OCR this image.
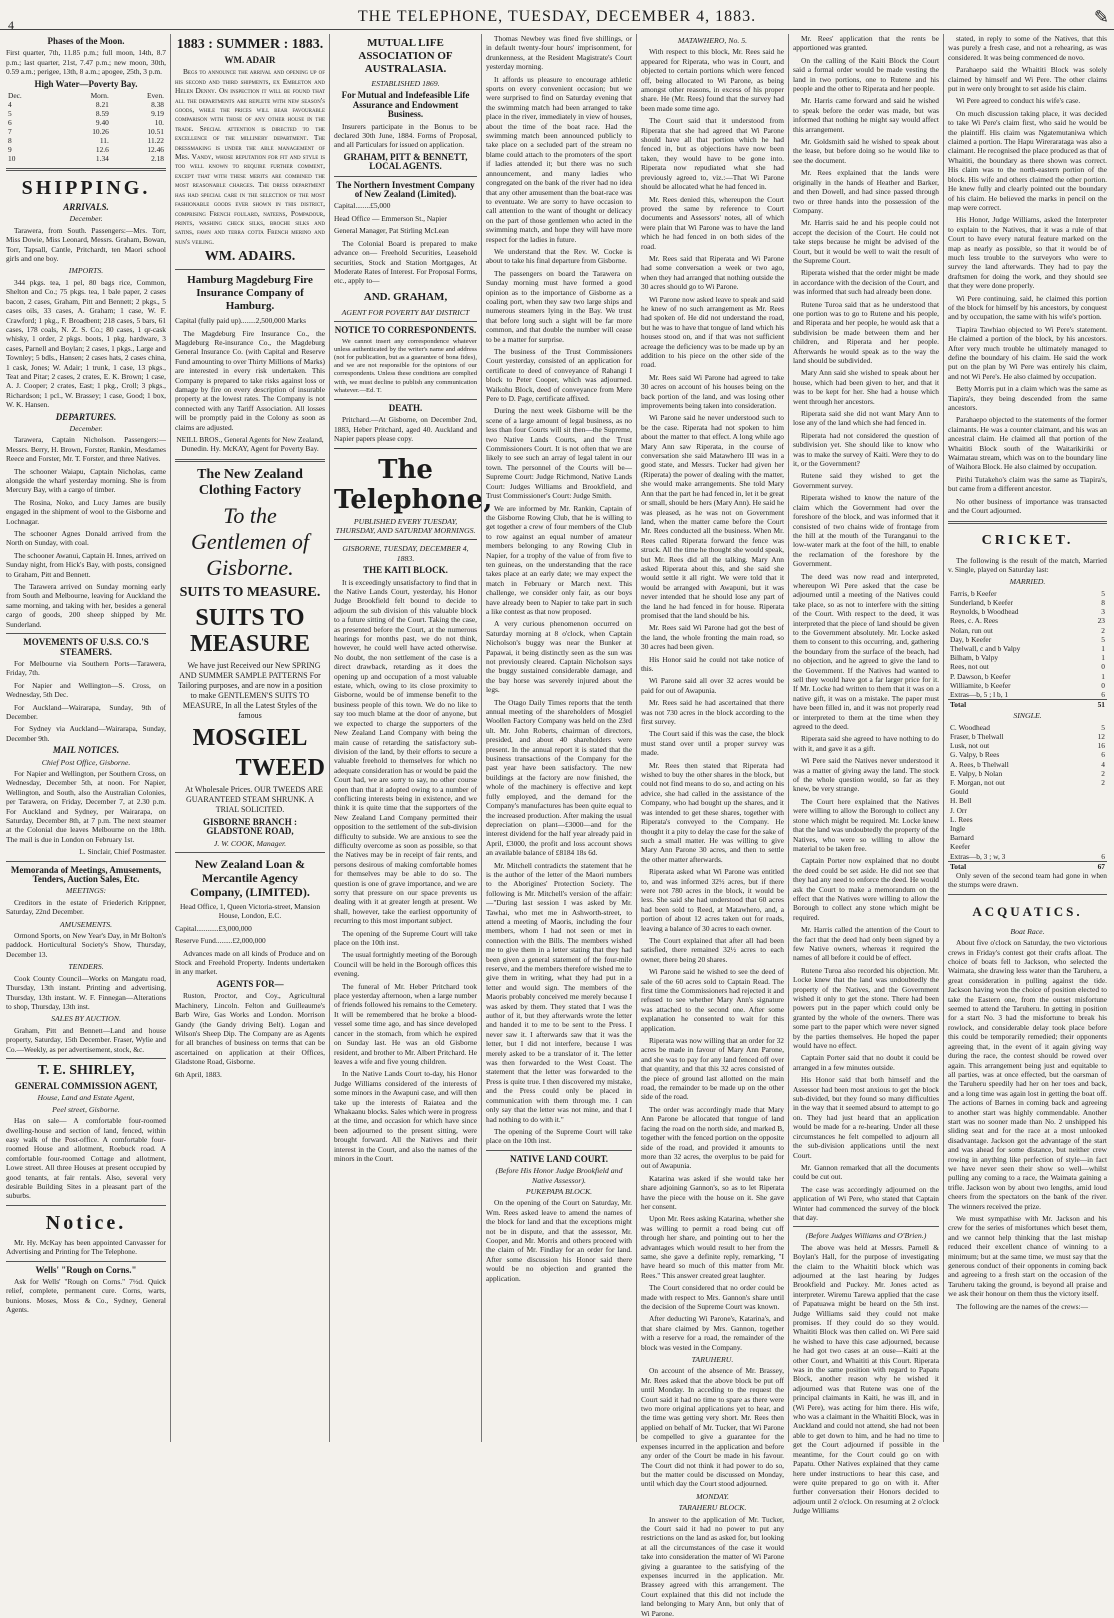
4	THE TELEPHONE, TUESDAY, DECEMBER 4, 1883.	✎
Phases of the Moon.

First quarter, 7th, 11.85 p.m.; full moon, 14th, 8.7 p.m.; last quarter, 21st, 7.47 p.m.; new moon, 30th, 0.59 a.m.; perigee, 13th, 8 a.m.; apogee, 25th, 3 p.m.

High Water—Poverty Bay.
Dec.	Morn.	Even.
4	8.21	8.38
5	8.59	9.19
6	9.40	10.
7	10.26	10.51
8	11.	11.22
9	12.6	12.46
10	1.34	2.18
SHIPPING.
ARRIVALS.
December.

Tarawera, from South. Passengers:—Mrs. Torr, Miss Dowie, Miss Leonard, Messrs. Graham, Bowan, Torr, Tapsall, Cantle, Pritchardt, ten Maori school girls and one boy.

IMPORTS.

344 pkgs. tea, 1 pel, 80 bags rice, Common, Shelton and Co.; 75 pkgs. tea, 1 bale paper, 2 cases bacon, 2 cases, Graham, Pitt and Bennett; 2 pkgs., 5 cases oils, 33 cases, A. Graham; 1 case, W. F. Crawford; 1 pkg., F. Broadbent; 218 cases, 5 bars, 61 cases, 178 coals, N. Z. S. Co.; 80 cases, 1 qr-cask whisky, 1 order, 2 pkgs. boots, 1 pkg. hardware, 3 cases, Parnell and Boylan; 2 cases, 1 pkgs., Large and Townley; 5 bdls., Hansen; 2 cases hats, 2 cases china, 1 cask, Jones; W. Adair; 1 trunk, 1 case, 13 pkgs., Teat and Pitar; 2 cases, 2 crates, E. K. Brown; 1 case, A. J. Cooper; 2 crates, East; 1 pkg., Croll; 3 pkgs., Richardson; 1 pcl., W. Brassey; 1 case, Good; 1 box, W. K. Hansen.

DEPARTURES.
December.

Tarawera, Captain Nicholson. Passengers:—Messrs. Berry, H. Brown, Forster, Rankin, Mesdames Reece and Forster, Mr. T. Forster, and three Natives.

The schooner Waiapu, Captain Nicholas, came alongside the wharf yesterday morning. She is from Mercury Bay, with a cargo of timber.

The Rosina, Noko, and Lucy James are busily engaged in the shipment of wool to the Gisborne and Lochnagar.

The schooner Agnes Donald arrived from the North on Sunday, with coal.

The schooner Awanui, Captain H. Innes, arrived on Sunday night, from Hick's Bay, with posts, consigned to Graham, Pitt and Bennett.

The Tarawera arrived on Sunday morning early from South and Melbourne, leaving for Auckland the same morning, and taking with her, besides a general cargo of goods, 200 sheep shipped by Mr. Sunderland.

MOVEMENTS OF U.S.S. CO.'S STEAMERS.

For Melbourne via Southern Ports—Tarawera, Friday, 7th.

For Napier and Wellington—S. Cross, on Wednesday, 5th Dec.

For Auckland—Wairarapa, Sunday, 9th of December.

For Sydney via Auckland—Wairarapa, Sunday, December 9th.

MAIL NOTICES.
Chief Post Office, Gisborne.

For Napier and Wellington, per Southern Cross, on Wednesday, December 5th, at noon. For Napier, Wellington, and South, also the Australian Colonies, per Tarawera, on Friday, December 7, at 2.30 p.m. For Auckland and Sydney, per Wairarapa, on Saturday, December 8th, at 7 p.m. The next steamer at the Colonial due leaves Melbourne on the 18th. The mail is due in London on February 1st.

L. Sinclair, Chief Postmaster.

Memoranda of Meetings, Amusements, Tenders, Auction Sales, Etc.
MEETINGS:

Creditors in the estate of Friederich Krippner, Saturday, 22nd December.

AMUSEMENTS.

Ormond Sports, on New Year's Day, in Mr Bolton's paddock. Horticultural Society's Show, Thursday, December 13.

TENDERS.

Cook County Council—Works on Mangatu road, Thursday, 13th instant. Printing and advertising, Thursday, 13th instant. W. F. Finnegan—Alterations to shop, Thursday, 13th inst.

SALES BY AUCTION.

Graham, Pitt and Bennett—Land and house property, Saturday, 15th December. Fraser, Wylie and Co.—Weekly, as per advertisement, stock, &c.

T. E. SHIRLEY,
GENERAL COMMISSION AGENT,
House, Land and Estate Agent,
Peel street, Gisborne.

Has on sale— A comfortable four-roomed dwelling-house and section of land, fenced, within easy walk of the Post-office. A comfortable four-roomed House and allotment, Roebuck road. A comfortable four-roomed Cottage and allotment, Lowe street. All three Houses at present occupied by good tenants, at fair rentals. Also, several very desirable Building Sites in a pleasant part of the suburbs.

Notice.

Mr. Hy. McKay has been appointed Canvasser for Advertising and Printing for The Telephone.

Wells' "Rough on Corns."

Ask for Wells' "Rough on Corns." 7½d. Quick relief, complete, permanent cure. Corns, warts, bunions. Moses, Moss & Co., Sydney, General Agents.

1883 : SUMMER : 1883.
WM. ADAIR

Begs to announce the arrival and opening up of his second and third shipments, ex Embleton and Helen Denny. On inspection it will be found that all the departments are replete with new season's goods, while the prices will bear favourable comparison with those of any other house in the trade. Special attention is directed to the excellence of the millinery department. The dressmaking is under the able management of Mrs. Vandy, whose reputation for fit and style is too well known to require further comment, except that with these merits are combined the most reasonable charges. The dress department has had special care in the selection of the most fashionable goods ever shown in this district, comprising French foulard, nateens, Pompadour, prints, washing check silks, broche silks and satins, fawn and terra cotta French merino and nun's veiling.

WM. ADAIRS.
Hamburg Magdeburg Fire Insurance Company of Hamburg.

Capital (fully paid up)........2,500,000 Marks

The Magdeburg Fire Insurance Co., the Magdeburg Re-insurance Co., the Magdeburg General Insurance Co. (with Capital and Reserve Fund amounting to over Thirty Millions of Marks) are interested in every risk undertaken. This Company is prepared to take risks against loss or damage by fire on every description of insurable property at the lowest rates. The Company is not connected with any Tariff Association. All losses will be promptly paid in the Colony as soon as claims are adjusted.

NEILL BROS., General Agents for New Zealand, Dunedin. Hy. McKAY, Agent for Poverty Bay.

The New Zealand Clothing Factory
To the Gentlemen of Gisborne.
SUITS TO MEASURE.
SUITS TO MEASURE

We have just Received our New SPRING AND SUMMER SAMPLE PATTERNS For Tailoring purposes, and are now in a position to make GENTLEMEN'S SUITS TO MEASURE, In all the Latest Styles of the famous

MOSGIEL
TWEED

At Wholesale Prices. OUR TWEEDS ARE GUARANTEED STEAM SHRUNK. A TRIAL SOLICITED.

GISBORNE BRANCH : GLADSTONE ROAD,
J. W. COOK, Manager.
New Zealand Loan & Mercantile Agency Company, (LIMITED).

Head Office, 1, Queen Victoria-street, Mansion House, London, E.C.

Capital............£3,000,000

Reserve Fund.........£2,000,000

Advances made on all kinds of Produce and on Stock and Freehold Property. Indents undertaken in any market.

AGENTS FOR—

Ruston, Proctor, and Coy., Agricultural Machinery, Lincoln. Felton and Guilleaume's Barb Wire, Gas Works and London. Morrison Gandy (the Gandy driving Belt). Logan and Wilson's Sheep Dip. The Company are as Agents for all branches of business on terms that can be ascertained on application at their Offices, Gladstone Road, Gisborne.

6th April, 1883.

MUTUAL LIFE ASSOCIATION OF AUSTRALASIA.
ESTABLISHED 1869.
For Mutual and Indefeasible Life Assurance and Endowment Business.

Insurers participate in the Bonus to be declared 30th June, 1884. Forms of Proposal, and all Particulars for issued on application.

GRAHAM, PITT & BENNETT, LOCAL AGENTS.
The Northern Investment Company of New Zealand (Limited).

Capital........£5,000

Head Office — Emmerson St., Napier

General Manager, Pat Stirling McLean

The Colonial Board is prepared to make advance on— Freehold Securities, Leasehold securities, Stock and Station Mortgages, At Moderate Rates of Interest. For Proposal Forms, etc., apply to—

AND. GRAHAM,
AGENT FOR POVERTY BAY DISTRICT
NOTICE TO CORRESPONDENTS.

We cannot insert any correspondence whatever unless authenticated by the writer's name and address (not for publication, but as a guarantee of bona fides), and we are not responsible for the opinions of our correspondents. Unless these conditions are complied with, we must decline to publish any communication whatever.—Ed. T.

DEATH.

Pritchard.—At Gisborne, on December 2nd, 1883, Heber Pritchard, aged 40. Auckland and Napier papers please copy.

The Telephone,
PUBLISHED EVERY TUESDAY, THURSDAY, AND SATURDAY MORNINGS.
GISBORNE, TUESDAY, DECEMBER 4, 1883.
THE KAITI BLOCK.

It is exceedingly unsatisfactory to find that in the Native Lands Court, yesterday, his Honor Judge Brookfield felt bound to decide to adjourn the sub division of this valuable block to a future sitting of the Court. Taking the case, as presented before the Court, at the numerous hearings for months past, we do not think, however, he could well have acted otherwise. No doubt, the non settlement of the case is a direct drawback, retarding as it does the opening up and occupation of a most valuable estate, which, owing to its close proximity to Gisborne, would be of immense benefit to the business people of this town. We do no like to say too much blame at the door of anyone, but we expected to charge the supporters of the New Zealand Land Company with being the main cause of retarding the satisfactory sub-division of the land, by their efforts to secure a valuable freehold to themselves for which no adequate consideration has or would be paid the Court had, we are sorry to say, no other course open than that it adopted owing to a number of conflicting interests being in existence, and we think it is quite time that the supporters of the New Zealand Land Company permitted their opposition to the settlement of the sub-division difficulty to subside. We are anxious to see the difficulty overcome as soon as possible, so that the Natives may be in receipt of fair rents, and persons desirous of making comfortable homes for themselves may be able to do so. The question is one of grave importance, and we are sorry that pressure on our space prevents us dealing with it at greater length at present. We shall, however, take the earliest opportunity of recurring to this most important subject.

The opening of the Supreme Court will take place on the 10th inst.

The usual fortnightly meeting of the Borough Council will be held in the Borough offices this evening.

The funeral of Mr. Heber Pritchard took place yesterday afternoon, when a large number of friends followed his remains to the Cemetery. It will be remembered that he broke a blood-vessel some time ago, and has since developed cancer in the stomach, from which he expired on Sunday last. He was an old Gisborne resident, and brother to Mr. Albert Pritchard. He leaves a wife and five young children.

In the Native Lands Court to-day, his Honor Judge Williams considered of the interests of some minors in the Awapuni case, and will then take up the interests of Raiatea and the Whakaanu blocks. Sales which were in progress at the time, and occasion for which have since been adjourned to the present sitting, were brought forward. All the Natives and their interest in the Court, and also the names of the minors in the Court.

Thomas Newbey was fined five shillings, or in default twenty-four hours' imprisonment, for drunkenness, at the Resident Magistrate's Court yesterday morning.

It affords us pleasure to encourage athletic sports on every convenient occasion; but we were surprised to find on Saturday evening that the swimming match had been arranged to take place in the river, immediately in view of houses, about the time of the boat race. Had the swimming match been announced publicly to take place on a secluded part of the stream no blame could attach to the promoters of the sport if ladies attended it; but there was no such announcement, and many ladies who congregated on the bank of the river had no idea that any other amusement than the boat-race was to eventuate. We are sorry to have occasion to call attention to the want of thought or delicacy on the part of those gentlemen who acted in the swimming match, and hope they will have more respect for the ladies in future.

We understand that the Rev. W. Cocke is about to take his final departure from Gisborne.

The passengers on board the Tarawera on Sunday morning must have formed a good opinion as to the importance of Gisborne as a coaling port, when they saw two large ships and numerous steamers lying in the Bay. We trust that before long such a sight will be far more common, and that double the number will cease to be a matter for surprise.

The business of the Trust Commissioners Court yesterday, consisted of an application for certificate to deed of conveyance of Rahangi I block to Peter Cooper, which was adjourned. Waikohu Block, deed of conveyance from Mere Pere to D. Page, certificate affixed.

During the next week Gisborne will be the scene of a large amount of legal business, as no less than four Courts will sit then—the Supreme, two Native Lands Courts, and the Trust Commissioners Court. It is not often that we are likely to see such an array of legal talent in our town. The personnel of the Courts will be— Supreme Court: Judge Richmond, Native Lands Court: Judges Williams and Brookfield, and Trust Commissioner's Court: Judge Smith.

We are informed by Mr. Rankin, Captain of the Gisborne Rowing Club, that he is willing to get together a crew of four members of the Club to row against an equal number of amateur members belonging to any Rowing Club in Napier, for a trophy of the value of from five to ten guineas, on the understanding that the race takes place at an early date; we may expect the match in February or March next. This challenge, we consider only fair, as our boys have already been to Napier to take part in such a like contest as that now proposed.

A very curious phenomenon occurred on Saturday morning at 8 o'clock, when Captain Nicholson's buggy was near the Bunker at Papawai, it being distinctly seen as the sun was not previously cleared. Captain Nicholson says the buggy sustained considerable damage, and the bay horse was severely injured about the legs.

The Otago Daily Times reports that the tenth annual meeting of the shareholders of Mosgiel Woollen Factory Company was held on the 23rd ult. Mr. John Roberts, chairman of directors, presided, and about 40 shareholders were present. In the annual report it is stated that the business transactions of the Company for the past year have been satisfactory. The new buildings at the factory are now finished, the whole of the machinery is effective and kept fully employed, and the demand for the Company's manufactures has been quite equal to the increased production. After making the usual depreciation on plant—£3000—and for the interest dividend for the half year already paid in April, £3000, the profit and loss account shows an available balance of £8184 18s 6d.

Mr. Mitchell contradicts the statement that he is the author of the letter of the Maori numbers to the Aborigines' Protection Society. The following is Mr. Mitchell's version of the affair: —"During last session I was asked by Mr. Tawhai, who met me in Ashworth-street, to attend a meeting of Maoris, including the four members, whom I had not seen or met in connection with the Bills. The members wished me to give them in a letter stating that they had been given a general statement of the four-mile reserve, and the members therefore wished me to give them in writing, what they had put in a letter and would sign. The members of the Maoris probably conceived me merely because I was asked by them. They stated that I was the author of it, but they afterwards wrote the letter and handed it to me to be sent to the Press. I never saw it. I afterwards saw that it was the letter, but I did not interfere, because I was merely asked to be a translator of it. The letter was then forwarded to the West Coast. The statement that the letter was forwarded to the Press is quite true. I then discovered my mistake, and the Press could only be placed in communication with them through me. I can only say that the letter was not mine, and that I had nothing to do with it."

The opening of the Supreme Court will take place on the 10th inst.

NATIVE LAND COURT.
(Before His Honor Judge Brookfield and Native Assessor).
PUKEPAPA BLOCK.

On the opening of the Court on Saturday, Mr. Wm. Rees asked leave to amend the names of the block for land and that the exceptions might not be in dispute, and that the assessor, Mr. Cooper, and Mr. Morris and others proceed with the claim of Mr. Findlay for an order for land. After some discussion his Honor said there would be no objection and granted the application.

MATAWHERO, No. 5.

With respect to this block, Mr. Rees said he appeared for Riperata, who was in Court, and objected to certain portions which were fenced off, being allocated to Wi Parone, as being amongst other reasons, in excess of his proper share. He (Mr. Rees) found that the survey had been made some time ago.

The Court said that it understood from Riperata that she had agreed that Wi Parone should have all that portion which he had fenced in, but as objections have now been taken, they would have to be gone into. Riperata now repudiated what she had previously agreed to, viz.:—That Wi Parone should be allocated what he had fenced in.

Mr. Rees denied this, whereupon the Court proved the same by reference to Court documents and Assessors' notes, all of which were plain that Wi Parone was to have the land which he had fenced in on both sides of the road.

Mr. Rees said that Riperata and Wi Parone had some conversation a week or two ago, when they had arranged that nothing outside the 30 acres should go to Wi Parone.

Wi Parone now asked leave to speak and said he knew of no such arrangement as Mr. Rees had spoken of. He did not understand the road, but he was to have that tongue of land which his houses stood on, and if that was not sufficient acreage the deficiency was to be made up by an addition to his piece on the other side of the road.

Mr. Rees said Wi Parone had agreed to take 30 acres on account of his houses being on the back portion of the land, and was losing other improvements being taken into consideration.

Wi Parone said he never understood such to be the case. Riperata had not spoken to him about the matter to that effect. A long while ago Mary Ann saw Riperata, in the course of conversation she said Matawhero III was in a good state, and Messrs. Tucker had given her (Riperata) the power of dealing with the matter, she would make arrangements. She told Mary Ann that the part he had fenced in, let it be great or small, should be hers (Mary Ann). He said he was pleased, as he was not on Government land, when the matter came before the Court Mr. Rees conducted all the business. When Mr. Rees called Riperata forward the fence was struck. All the time he thought she would speak, but Mr. Rees did all the talking. Mary Ann asked Riperata about this, and she said she would settle it all right. We were told that it would be arranged with Awapuni, but it was never intended that he should lose any part of the land he had fenced in for house. Riperata promised that the land should be his.

Mr. Rees said Wi Parone had got the best of the land, the whole fronting the main road, so 30 acres had been given.

His Honor said he could not take notice of this.

Wi Parone said all over 32 acres would be paid for out of Awapunia.

Mr. Rees said he had ascertained that there was not 730 acres in the block according to the first survey.

The Court said if this was the case, the block must stand over until a proper survey was made.

Mr. Rees then stated that Riperata had wished to buy the other shares in the block, but could not find means to do so, and acting on his advice, she had called in the assistance of the Company, who had bought up the shares, and it was intended to get these shares, together with Riperata's conveyed to the Company. He thought it a pity to delay the case for the sake of such a small matter. He was willing to give Mary Ann Parone 30 acres, and then to settle the other matter afterwards.

Riperata asked what Wi Parone was entitled to, and was informed 32½ acres, but if there were not 780 acres in the block, it would be less. She said she had understood that 60 acres had been sold to Reed, at Matawhero, and, a portion of about 12 acres taken out for roads, leaving a balance of 30 acres to each owner.

The Court explained that after all had been satisfied, there remained 32½ acres to each owner, there being 20 shares.

Wi Parone said he wished to see the deed of sale of the 60 acres sold to Captain Read. The first time the Commissioners had rejected it and refused to see whether Mary Ann's signature was attached to the second one. After some explanation he consented to wait for this application.

Riperata was now willing that an order for 32 acres be made in favour of Mary Ann Parone, and she was to pay for any land fenced off over that quantity, and that this 32 acres consisted of the piece of ground last allotted on the main road, the remainder to be made up on the other side of the road.

The order was accordingly made that Mary Ann Parone be allocated that tongue of land facing the road on the north side, and marked B, together with the fenced portion on the opposite side of the road, and provided it amounts to more than 32 acres, the overplus to be paid for out of Awapunia.

Katarina was asked if she would take her share adjoining Gannon's, so as to let Riperata have the piece with the house on it. She gave her consent.

Upon Mr. Rees asking Katarina, whether she was willing to permit a road being cut off through her share, and pointing out to her the advantages which would result to her from the same, she gave a definite reply, remarking, "I have heard so much of this matter from Mr. Rees." This answer created great laughter.

The Court considered that no order could be made with respect to Mrs. Gannon's share until the decision of the Supreme Court was known.

After deducting Wi Parone's, Katarina's, and that share claimed by Mrs. Gannon, together with a reserve for a road, the remainder of the block was vested in the Company.

TARUHERU.

On account of the absence of Mr. Brassey, Mr. Rees asked that the above block be put off until Monday. In acceding to the request the Court said it had no time to spare as there were two more original applications yet to hear, and the time was getting very short. Mr. Rees then applied on behalf of Mr. Tucker, that Wi Parone be compelled to give a guarantee for the expenses incurred in the application and before any order of the Court be made in his favour. The Court did not think it had power to do so, but the matter could be discussed on Monday, until which day the Court stood adjourned.

MONDAY.
TARAHERU BLOCK.

In answer to the application of Mr. Tucker, the Court said it had no power to put any restrictions on the land as asked for, but looking at all the circumstances of the case it would take into consideration the matter of Wi Parone giving a guarantee to the satisfying of the expenses incurred in the application. Mr. Brassey agreed with this arrangement. The Court explained that this did not include the land belonging to Mary Ann, but only that of Wi Parone.

Mr. Rees' application that the rents be apportioned was granted.

On the calling of the Kaiti Block the Court said a formal order would be made vesting the land in two portions, one to Rutene and his people and the other to Riperata and her people.

Mr. Harris came forward and said he wished to speak before the order was made, but was informed that nothing he might say would affect this arrangement.

Mr. Goldsmith said he wished to speak about the lease, but before doing so he would like to see the document.

Mr. Rees explained that the lands were originally in the hands of Heather and Barker, and then Dowell, and had since passed through two or three hands into the possession of the Company.

Mr. Harris said he and his people could not accept the decision of the Court. He could not take steps because he might be advised of the Court, but it would be well to wait the result of the Supreme Court.

Riperata wished that the order might be made in accordance with the decision of the Court, and was informed that such had already been done.

Rutene Turoa said that as he understood that one portion was to go to Rutene and his people, and Riperata and her people, he would ask that a subdivision be made between them and her children, and Riperata and her people. Afterwards he would speak as to the way the land should be subdivided.

Mary Ann said she wished to speak about her house, which had been given to her, and that it was to be kept for her. She had a house which went through her ancestors.

Riperata said she did not want Mary Ann to lose any of the land which she had fenced in.

Riperata had not considered the question of subdivision yet. She should like to know who was to make the survey of Kaiti. Were they to do it, or the Government?

Rutene said they wished to get the Government survey.

Riperata wished to know the nature of the claim which the Government had over the foreshore of the block, and was informed that it consisted of two chains wide of frontage from the hill at the mouth of the Turanganui to the low-water mark at the foot of the hill, to enable the reclamation of the foreshore by the Government.

The deed was now read and interpreted, whereupon Wi Pere asked that the case be adjourned until a meeting of the Natives could take place, so as not to interfere with the sitting of the Court. With respect to the deed, it was interpreted that the piece of land should be given to the Government absolutely. Mr. Locke asked them to consent to this occurring, and, gathering the boundary from the surface of the beach, had no objection, and he agreed to give the land to the Government. If the Natives had wanted to sell they would have got a far larger price for it. If Mr. Locke had written to them that it was on a native gift, it was on a mistake. The paper must have been filled in, and it was not properly read or interpreted to them at the time when they agreed to the deed.

Riperata said she agreed to have nothing to do with it, and gave it as a gift.

Wi Pere said the Natives never understood it was a matter of giving away the land. The stock of the whole question would, so far as they knew, be very strange.

The Court here explained that the Natives were willing to allow the Borough to collect any stone which might be required. Mr. Locke knew that the land was undoubtedly the property of the Natives, who were so willing to allow the material to be taken free.

Captain Porter now explained that no doubt the deed could be set aside. He did not see that they had any need to enforce the deed. He would ask the Court to make a memorandum on the effect that the Natives were willing to allow the Borough to collect any stone which might be required.

Mr. Harris called the attention of the Court to the fact that the deed had only been signed by a few Native owners, whereas it required the names of all before it could be of effect.

Rutene Turoa also recorded his objection. Mr. Locke knew that the land was undoubtedly the property of the Natives, and the Government wished it only to get the stone. There had been powers put in the paper which could only be granted by the whole of the owners. There was some part to the paper which were never signed by the parties themselves. He hoped the paper would have no effect.

Captain Porter said that no doubt it could be arranged in a few minutes outside.

His Honor said that both himself and the Assessor had been most anxious to get the block sub-divided, but they found so many difficulties in the way that it seemed absurd to attempt to go on. They had just heard that an application would be made for a re-hearing. Under all these circumstances he felt compelled to adjourn all the sub-division applications until the next Court.

Mr. Gannon remarked that all the documents could be cut out.

The case was accordingly adjourned on the application of Wi Pere, who stated that Captain Winter had commenced the survey of the block that day.

(Before Judges Williams and O'Brien.)

The above was held at Messrs. Parnell & Boylan's Hall, for the purpose of investigating the claim to the Whaititi block which was adjourned at the last hearing by Judges Brookfield and Puckey. Mr. Jones acted as interpreter. Wiremu Tarewa applied that the case of Papatuawa might be heard on the 5th inst. Judge Williams said they could not make promises. If they could do so they would. Whaititi Block was then called on. Wi Pere said he wished to have this case adjourned, because he had got two cases at an ouse—Kaiti at the other Court, and Whaititi at this Court. Riperata was in the same position with regard to Papatu Block, another reason why he wished it adjourned was that Rutene was one of the principal claimants in Kaiti, he was ill, and in (Wi Pere), was acting for him there. His wife, who was a claimant in the Whaititi Block, was in Auckland and could not attend, she had not been able to get down to him, and he had no time to get the Court adjourned if possible in the meantime, for the Court could go on with Papatu. Other Natives explained that they came here under instructions to hear this case, and were quite prepared to go on with it. After further conversation their Honors decided to adjourn until 2 o'clock. On resuming at 2 o'clock Judge Williams

stated, in reply to some of the Natives, that this was purely a fresh case, and not a rehearing, as was considered. It was being commenced de novo.

Parahaepo said the Whaititi Block was solely claimed by himself and Wi Pere. The other claims put in were only brought to set aside his claim.

Wi Pere agreed to conduct his wife's case.

On much discussion taking place, it was decided to take Wi Pere's claim first, who said he would be the plaintiff. His claim was Ngatemutaniwa which claimed a portion. The Hapu Wirerarataga was also a claimant. He recognised the place produced as that of Whaititi, the boundary as there shown was correct. His claim was to the north-eastern portion of the block. His wife and others claimed the other portion. He knew fully and clearly pointed out the boundary of his claim. He believed the marks in pencil on the map were correct.

His Honor, Judge Williams, asked the Interpreter to explain to the Natives, that it was a rule of that Court to have every natural feature marked on the map as nearly as possible, so that it would be of much less trouble to the surveyors who were to survey the land afterwards. They had to pay the draftsmen for doing the work, and they should see that they were done properly.

Wi Pere continuing, said, he claimed this portion of the block for himself by his ancestors, by conquest and by occupation, the same with his wife's portion.

Tiapira Tawhiao objected to Wi Pere's statement. He claimed a portion of the block, by his ancestors. After very much trouble he ultimately managed to define the boundary of his claim. He said the work put on the plan by Wi Pere was entirely his claim, and not Wi Pere's. He also claimed by occupation.

Betty Morris put in a claim which was the same as Tiapira's, they being descended from the same ancestors.

Parahaepo objected to the statements of the former claimants. He was a counter claimant, and his was an ancestral claim. He claimed all that portion of the Whaititi Block south of the Waitarikiriki or Waimatau stream, which was on to the boundary line of Waihora Block. He also claimed by occupation.

Pirihi Tutakeho's claim was the same as Tiapira's, but came from a different ancestor.

No other business of importance was transacted and the Court adjourned.

CRICKET.

The following is the result of the match, Married v. Single, played on Saturday last:

MARRIED.
Farris, b Keefer	5
Sunderland, b Keefer	8
Reynolds, b Woodhead	3
Rees, c. A. Rees	23
Nolan, run out	2
Day, b Keefer	5
Thelwall, c and b Valpy	1
Bilham, b Valpy	1
Rees, not out	0
P. Dawson, b Keefer	1
Williamite, b Keefer	0
Extras—b, 5 ; l b, 1	6
Total	51
SINGLE.
C. Woodhead	5
Fraser, b Thelwall	12
Lusk, not out	16
G. Valpy, b Rees	6
A. Rees, b Thelwall	4
E. Valpy, b Nolan	2
F. Morgan, not out	2
Gould	
H. Bell	
J. Orr	
L. Rees	
Ingle	
Barnard	
Keefer	
Extras—b, 3 ; w, 3	6
Total	67

Only seven of the second team had gone in when the stumps were drawn.

ACQUATICS.
Boat Race.

About five o'clock on Saturday, the two victorious crews in Friday's contest got their crafts afloat. The choice of boats fell to Jackson, who selected the Waimata, she drawing less water than the Taruheru, a great consideration in pulling against the tide. Jackson having won the choice of position elected to take the Eastern one, from the outset misfortune seemed to attend the Taruheru. In getting in position for a start No. 3 had the misfortune to break his rowlock, and considerable delay took place before this could be temporarily remedied; their opponents agreeing that, in the event of it again giving way during the race, the contest should be rowed over again. This arrangement being just and equitable to all parties, was at once effected, but the oarsman of the Taruheru speedily had her on her toes and back, and a long time was again lost in getting the boat off. The actions of Barnes in coming back and agreeing to another start was highly commendable. Another start was no sooner made than No. 2 unshipped his sliding seat and for the race at a most unlooked disadvantage. Jackson got the advantage of the start and was ahead for some distance, but neither crew rowing in anything like perfection of style—in fact we have never seen their show so well—whilst pulling any coming to a race, the Waimata gaining a trifle. Jackson won by about two lengths, amid loud cheers from the spectators on the bank of the river. The winners received the prize.

We must sympathise with Mr. Jackson and his crew for the series of misfortunes which beset them, and we cannot help thinking that the last mishap reduced their excellent chance of winning to a minimum; but at the same time, we must say that the generous conduct of their opponents in coming back and agreeing to a fresh start on the occasion of the Taruheru taking the ground, is beyond all praise and we ask their honour on them thus the victory itself.

The following are the names of the crews:—
